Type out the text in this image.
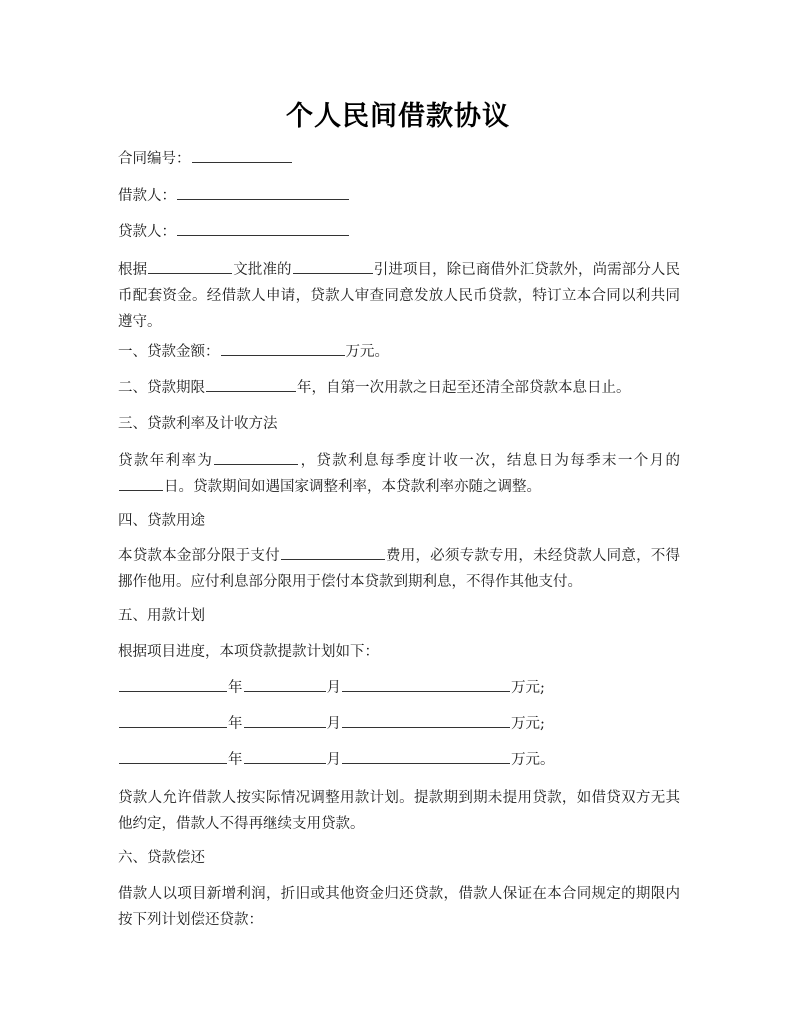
个人民间借款协议
合同编号：
借款人：
贷款人：
根据	文批准的	引进项目，除已商借外汇贷款外，尚需部分人民币配套资金。经借款人申请，贷款人审查同意发放人民币贷款，特订立本合同以利共同遵守。
一、贷款金额：	万元。
二、贷款期限	年，自第一次用款之日起至还清全部贷款本息日止。
三、贷款利率及计收方法
贷款年利率为	，贷款利息每季度计收一次，结息日为每季末一个月的日。贷款期间如遇国家调整利率，本贷款利率亦随之调整。
四、贷款用途
本贷款本金部分限于支付	费用，必须专款专用，未经贷款人同意，不得挪作他用。应付利息部分限用于偿付本贷款到期利息，不得作其他支付。
五、用款计划
根据项目进度，本项贷款提款计划如下：
年	月	万元;
年	月	万元;
年	月	万元。
贷款人允许借款人按实际情况调整用款计划。提款期到期未提用贷款，如借贷双方无其他约定，借款人不得再继续支用贷款。
六、贷款偿还
借款人以项目新增利润，折旧或其他资金归还贷款，借款人保证在本合同规定的期限内按下列计划偿还贷款：
